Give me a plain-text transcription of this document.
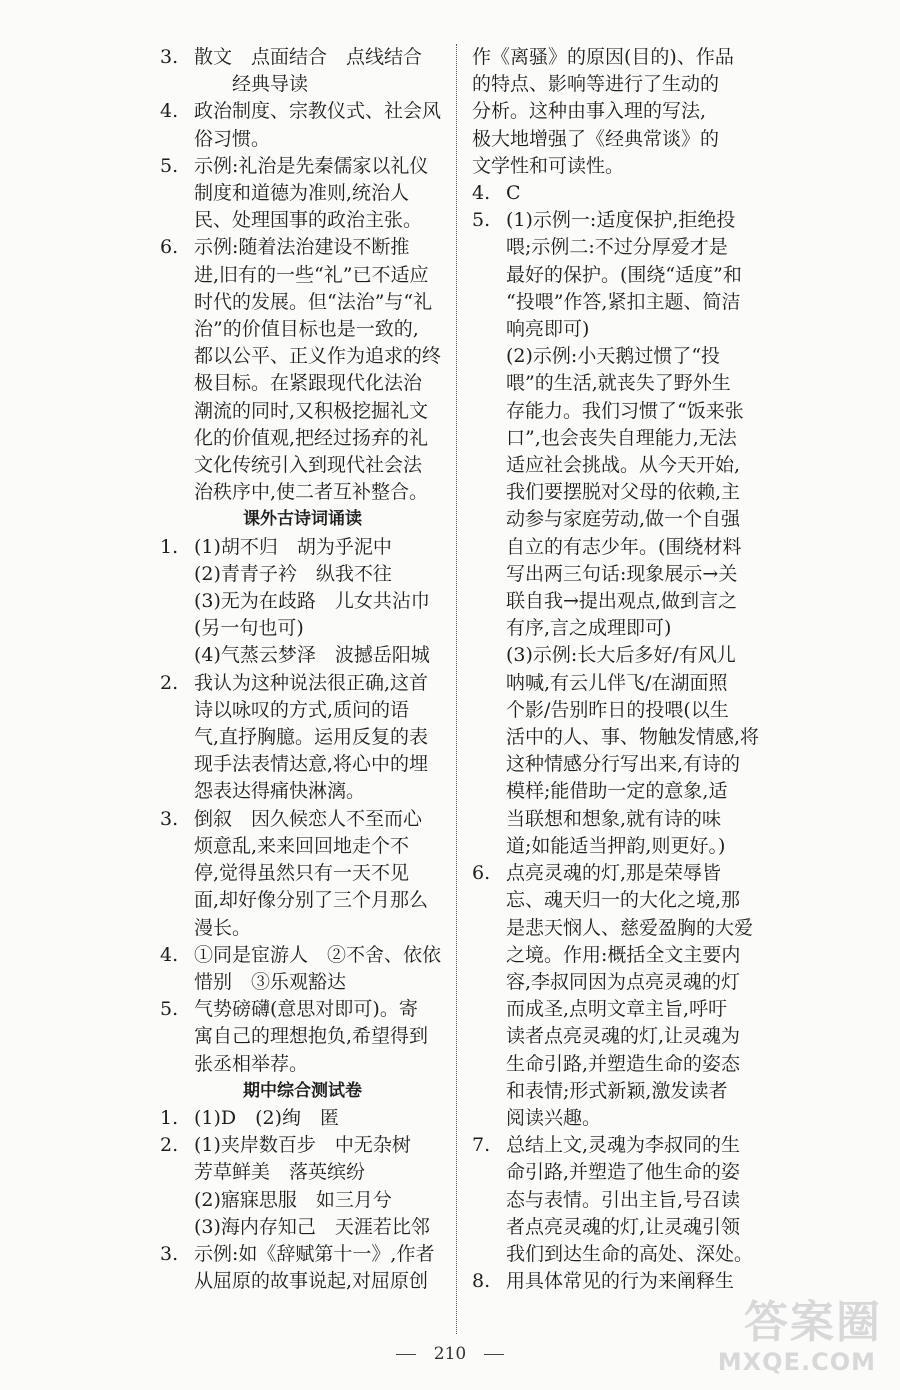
3. 散文　点面结合　点线结合
经典导读
4. 政治制度、宗教仪式、社会风
俗习惯。
5. 示例:礼治是先秦儒家以礼仪
制度和道德为准则,统治人
民、处理国事的政治主张。
6. 示例:随着法治建设不断推
进,旧有的一些“礼”已不适应
时代的发展。但“法治”与“礼
治”的价值目标也是一致的,
都以公平、正义作为追求的终
极目标。在紧跟现代化法治
潮流的同时,又积极挖掘礼文
化的价值观,把经过扬弃的礼
文化传统引入到现代社会法
治秩序中,使二者互补整合。
课外古诗词诵读
1. (1)胡不归　胡为乎泥中
(2)青青子衿　纵我不往
(3)无为在歧路　儿女共沾巾
(另一句也可)
(4)气蒸云梦泽　波撼岳阳城
2. 我认为这种说法很正确,这首
诗以咏叹的方式,质问的语
气,直抒胸臆。运用反复的表
现手法表情达意,将心中的埋
怨表达得痛快淋漓。
3. 倒叙　因久候恋人不至而心
烦意乱,来来回回地走个不
停,觉得虽然只有一天不见
面,却好像分别了三个月那么
漫长。
4. ①同是宦游人　②不舍、依依
惜别　③乐观豁达
5. 气势磅礴(意思对即可)。寄
寓自己的理想抱负,希望得到
张丞相举荐。
期中综合测试卷
1. (1)D　(2)绚　匿
2. (1)夹岸数百步　中无杂树
芳草鲜美　落英缤纷
(2)寤寐思服　如三月兮
(3)海内存知己　天涯若比邻
3. 示例:如《辞赋第十一》,作者
从屈原的故事说起,对屈原创
作《离骚》的原因(目的)、作品
的特点、影响等进行了生动的
分析。这种由事入理的写法,
极大地增强了《经典常谈》的
文学性和可读性。
4. C
5. (1)示例一:适度保护,拒绝投
喂;示例二:不过分厚爱才是
最好的保护。(围绕“适度”和
“投喂”作答,紧扣主题、简洁
响亮即可)
(2)示例:小天鹅过惯了“投
喂”的生活,就丧失了野外生
存能力。我们习惯了“饭来张
口”,也会丧失自理能力,无法
适应社会挑战。从今天开始,
我们要摆脱对父母的依赖,主
动参与家庭劳动,做一个自强
自立的有志少年。(围绕材料
写出两三句话:现象展示→关
联自我→提出观点,做到言之
有序,言之成理即可)
(3)示例:长大后多好/有风儿
呐喊,有云儿伴飞/在湖面照
个影/告别昨日的投喂(以生
活中的人、事、物触发情感,将
这种情感分行写出来,有诗的
模样;能借助一定的意象,适
当联想和想象,就有诗的味
道;如能适当押韵,则更好。)
6. 点亮灵魂的灯,那是荣辱皆
忘、魂天归一的大化之境,那
是悲天悯人、慈爱盈胸的大爱
之境。作用:概括全文主要内
容,李叔同因为点亮灵魂的灯
而成圣,点明文章主旨,呼吁
读者点亮灵魂的灯,让灵魂为
生命引路,并塑造生命的姿态
和表情;形式新颖,激发读者
阅读兴趣。
7. 总结上文,灵魂为李叔同的生
命引路,并塑造了他生命的姿
态与表情。引出主旨,号召读
者点亮灵魂的灯,让灵魂引领
我们到达生命的高处、深处。
8. 用具体常见的行为来阐释生
210
答案圈
MXQE.COM
